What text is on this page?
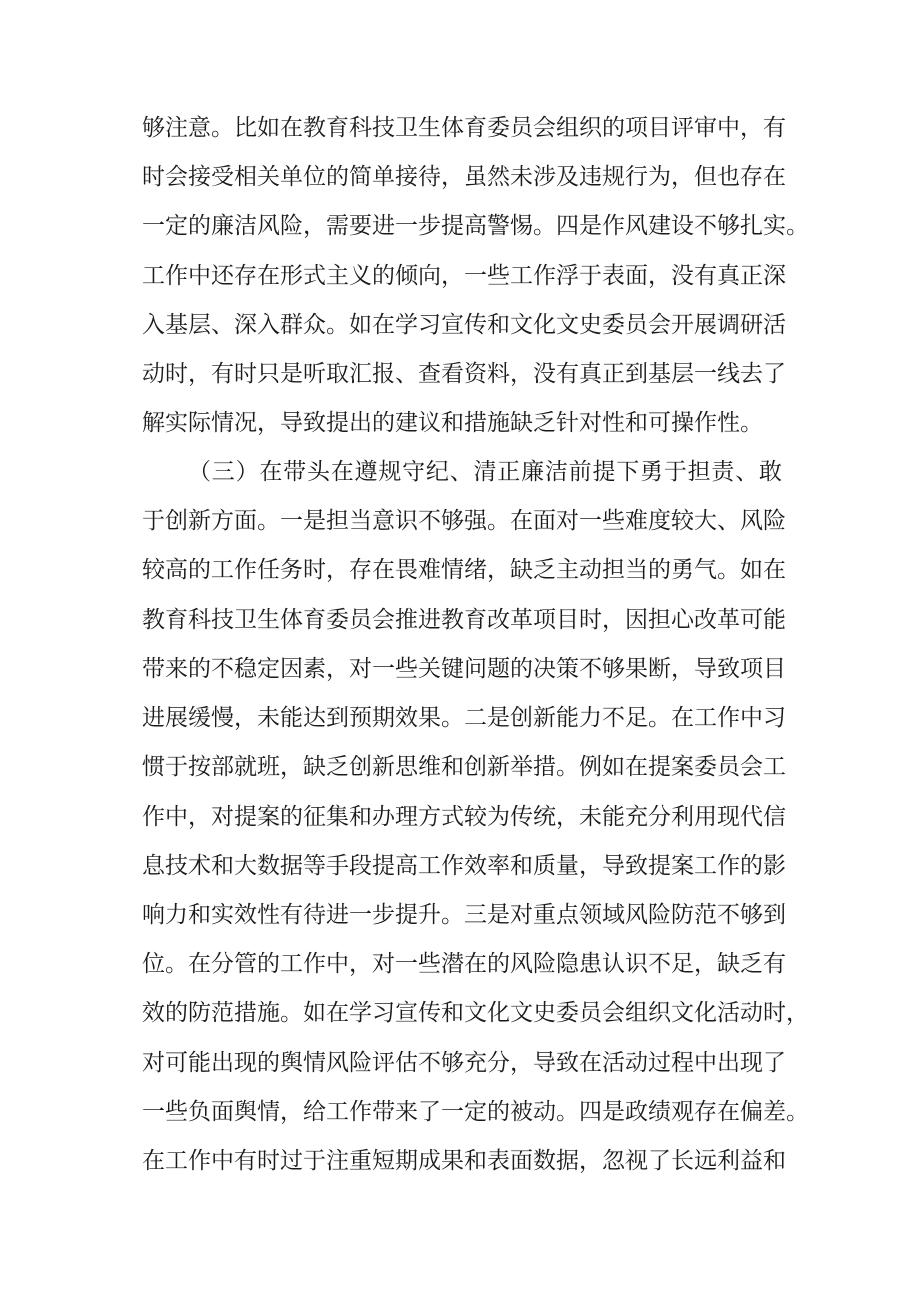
够注意。比如在教育科技卫生体育委员会组织的项目评审中，有
时会接受相关单位的简单接待，虽然未涉及违规行为，但也存在
一定的廉洁风险，需要进一步提高警惕。四是作风建设不够扎实。
工作中还存在形式主义的倾向，一些工作浮于表面，没有真正深
入基层、深入群众。如在学习宣传和文化文史委员会开展调研活
动时，有时只是听取汇报、查看资料，没有真正到基层一线去了
解实际情况，导致提出的建议和措施缺乏针对性和可操作性。
（三）在带头在遵规守纪、清正廉洁前提下勇于担责、敢
于创新方面。一是担当意识不够强。在面对一些难度较大、风险
较高的工作任务时，存在畏难情绪，缺乏主动担当的勇气。如在
教育科技卫生体育委员会推进教育改革项目时，因担心改革可能
带来的不稳定因素，对一些关键问题的决策不够果断，导致项目
进展缓慢，未能达到预期效果。二是创新能力不足。在工作中习
惯于按部就班，缺乏创新思维和创新举措。例如在提案委员会工
作中，对提案的征集和办理方式较为传统，未能充分利用现代信
息技术和大数据等手段提高工作效率和质量，导致提案工作的影
响力和实效性有待进一步提升。三是对重点领域风险防范不够到
位。在分管的工作中，对一些潜在的风险隐患认识不足，缺乏有
效的防范措施。如在学习宣传和文化文史委员会组织文化活动时，
对可能出现的舆情风险评估不够充分，导致在活动过程中出现了
一些负面舆情，给工作带来了一定的被动。四是政绩观存在偏差。
在工作中有时过于注重短期成果和表面数据，忽视了长远利益和
